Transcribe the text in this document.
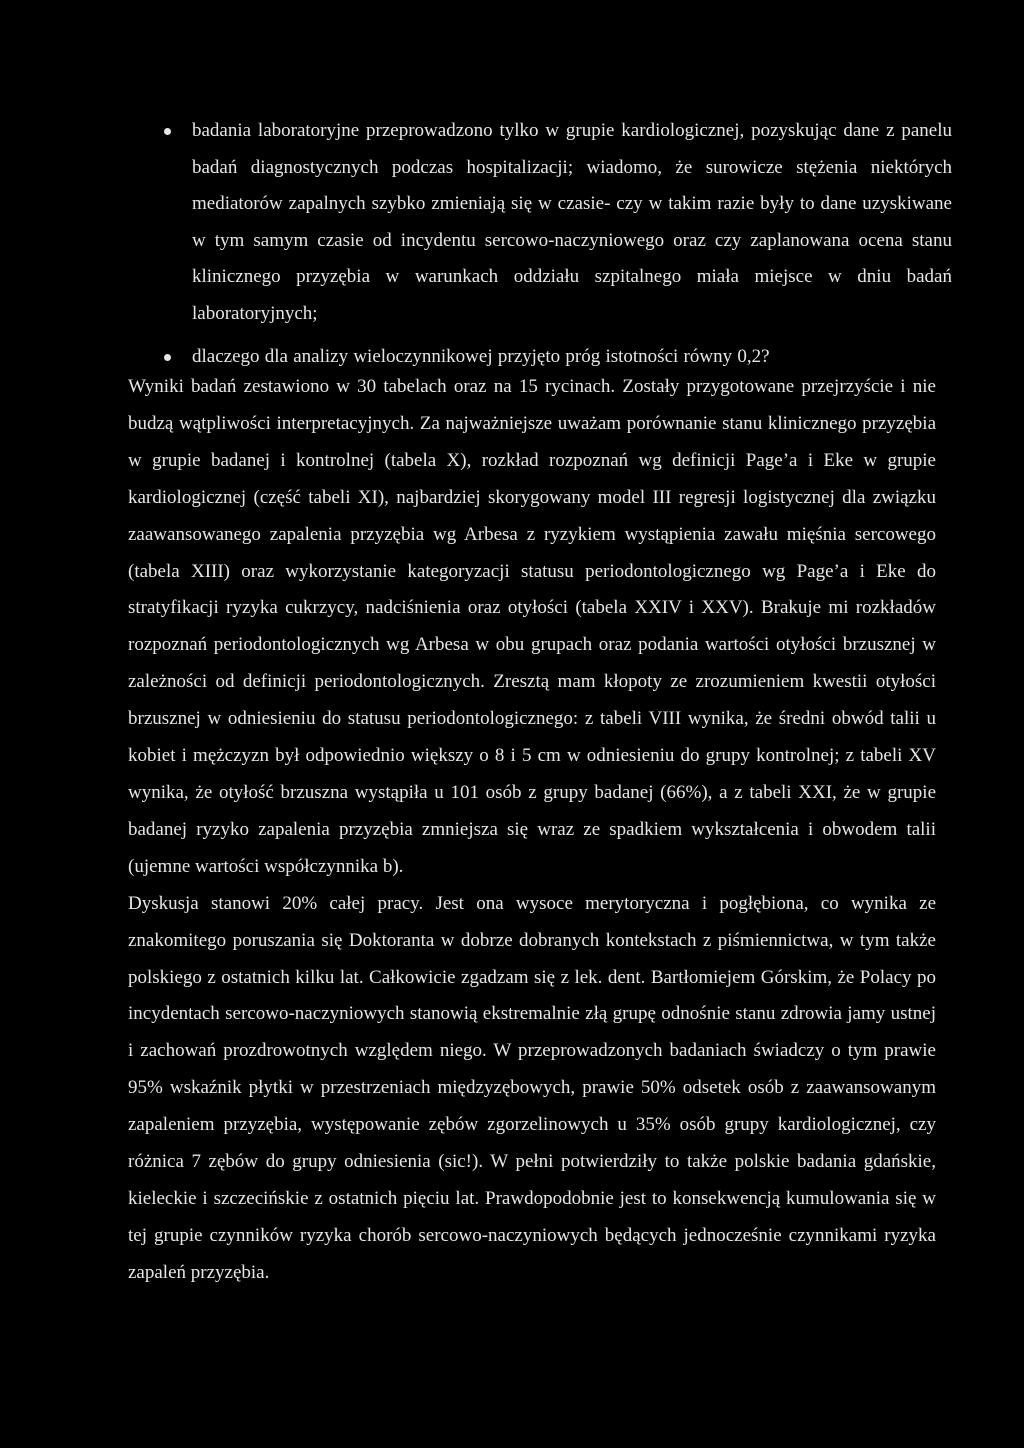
badania laboratoryjne przeprowadzono tylko w grupie kardiologicznej, pozyskując dane z panelu badań diagnostycznych podczas hospitalizacji; wiadomo, że surowicze stężenia niektórych mediatorów zapalnych szybko zmieniają się w czasie- czy w takim razie były to dane uzyskiwane w tym samym czasie od incydentu sercowo-naczyniowego oraz czy zaplanowana ocena stanu klinicznego przyzębia w warunkach oddziału szpitalnego miała miejsce w dniu badań laboratoryjnych;
dlaczego dla analizy wieloczynnikowej przyjęto próg istotności równy 0,2?

Wyniki badań zestawiono w 30 tabelach oraz na 15 rycinach. Zostały przygotowane przejrzyście i nie budzą wątpliwości interpretacyjnych. Za najważniejsze uważam porównanie stanu klinicznego przyzębia w grupie badanej i kontrolnej (tabela X), rozkład rozpoznań wg definicji Page’a i Eke w grupie kardiologicznej (część tabeli XI), najbardziej skorygowany model III regresji logistycznej dla związku zaawansowanego zapalenia przyzębia wg Arbesa z ryzykiem wystąpienia zawału mięśnia sercowego (tabela XIII) oraz wykorzystanie kategoryzacji statusu periodontologicznego wg Page’a i Eke do stratyfikacji ryzyka cukrzycy, nadciśnienia oraz otyłości (tabela XXIV i XXV). Brakuje mi rozkładów rozpoznań periodontologicznych wg Arbesa w obu grupach oraz podania wartości otyłości brzusznej w zależności od definicji periodontologicznych. Zresztą mam kłopoty ze zrozumieniem kwestii otyłości brzusznej w odniesieniu do statusu periodontologicznego: z tabeli VIII wynika, że średni obwód talii u kobiet i mężczyzn był odpowiednio większy o 8 i 5 cm w odniesieniu do grupy kontrolnej; z tabeli XV wynika, że otyłość brzuszna wystąpiła u 101 osób z grupy badanej (66%), a z tabeli XXI, że w grupie badanej ryzyko zapalenia przyzębia zmniejsza się wraz ze spadkiem wykształcenia i obwodem talii (ujemne wartości współczynnika b).

Dyskusja stanowi 20% całej pracy. Jest ona wysoce merytoryczna i pogłębiona, co wynika ze znakomitego poruszania się Doktoranta w dobrze dobranych kontekstach z piśmiennictwa, w tym także polskiego z ostatnich kilku lat. Całkowicie zgadzam się z lek. dent. Bartłomiejem Górskim, że Polacy po incydentach sercowo-naczyniowych stanowią ekstremalnie złą grupę odnośnie stanu zdrowia jamy ustnej i zachowań prozdrowotnych względem niego. W przeprowadzonych badaniach świadczy o tym prawie 95% wskaźnik płytki w przestrzeniach międzyzębowych, prawie 50% odsetek osób z zaawansowanym zapaleniem przyzębia, występowanie zębów zgorzelinowych u 35% osób grupy kardiologicznej, czy różnica 7 zębów do grupy odniesienia (sic!). W pełni potwierdziły to także polskie badania gdańskie, kieleckie i szczecińskie z ostatnich pięciu lat. Prawdopodobnie jest to konsekwencją kumulowania się w tej grupie czynników ryzyka chorób sercowo-naczyniowych będących jednocześnie czynnikami ryzyka zapaleń przyzębia.
